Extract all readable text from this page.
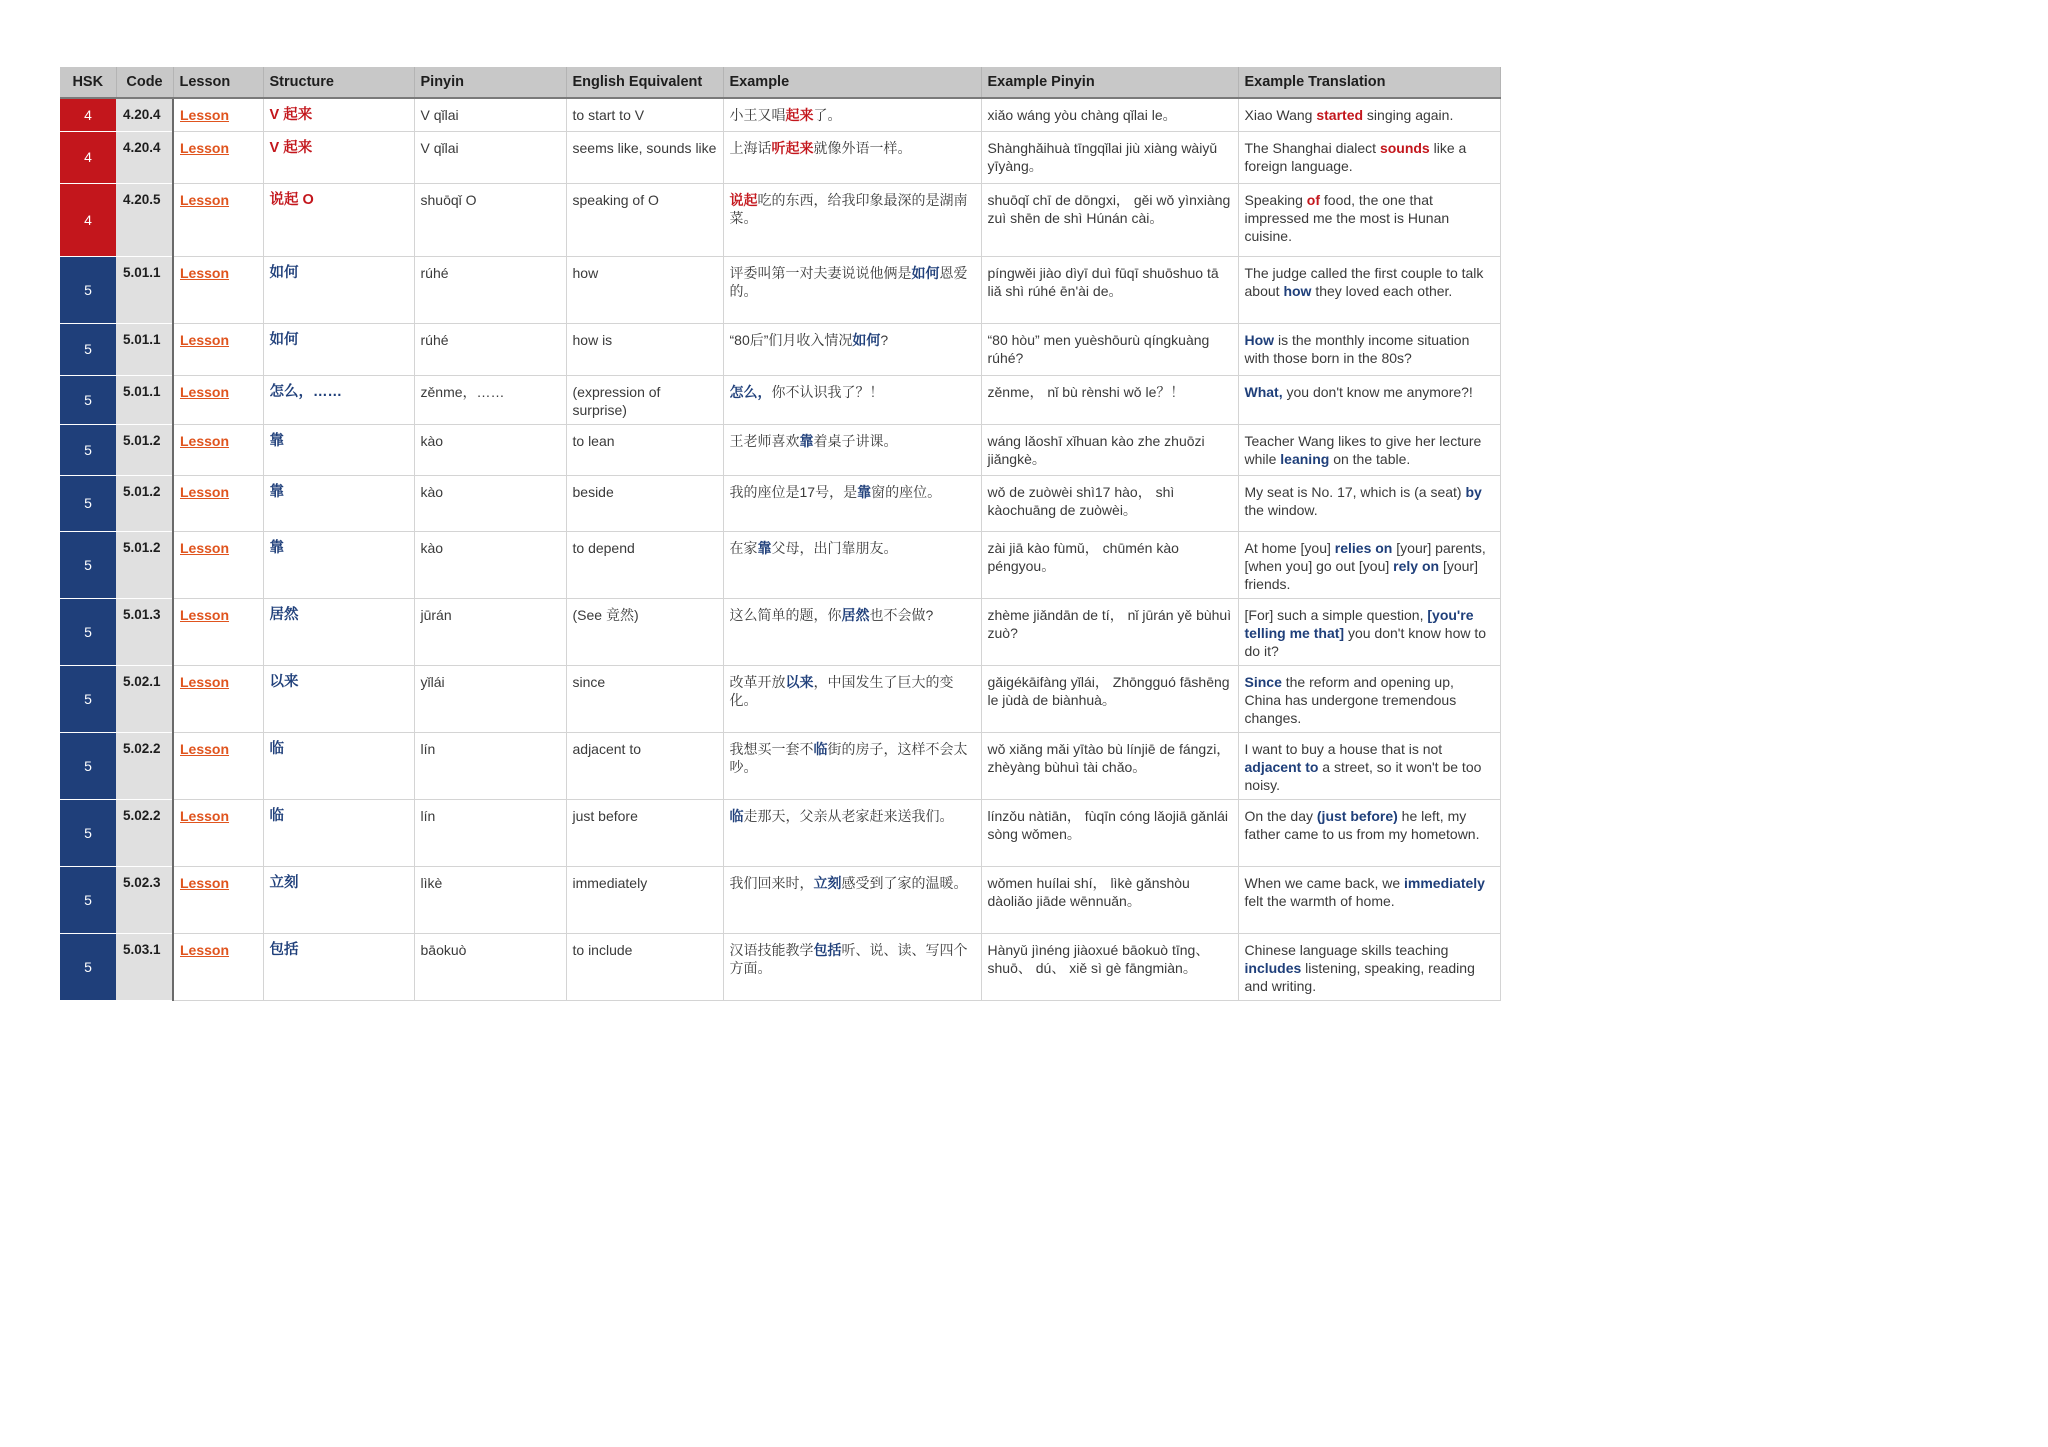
HSK	Code	Lesson	Structure	Pinyin	English Equivalent	Example	Example Pinyin	Example Translation
4	4.20.4	Lesson	V 起来	V qǐlai	to start to V	小王又唱起来了。	xiǎo wáng yòu chàng qǐlai le。	Xiao Wang started singing again.
4	4.20.4	Lesson	V 起来	V qǐlai	seems like, sounds like	上海话听起来就像外语一样。	Shànghǎihuà tīngqǐlai jiù xiàng wàiyǔ yīyàng。	The Shanghai dialect sounds like a foreign language.
4	4.20.5	Lesson	说起 O	shuōqǐ O	speaking of O	说起吃的东西，给我印象最深的是湖南菜。	shuōqǐ chī de dōngxi， gěi wǒ yìnxiàng zuì shēn de shì Húnán cài。	Speaking of food, the one that impressed me the most is Hunan cuisine.
5	5.01.1	Lesson	如何	rúhé	how	评委叫第一对夫妻说说他俩是如何恩爱的。	píngwěi jiào dìyī duì fūqī shuōshuo tā liǎ shì rúhé ēn'ài de。	The judge called the first couple to talk about how they loved each other.
5	5.01.1	Lesson	如何	rúhé	how is	“80后”们月收入情况如何?	“80 hòu” men yuèshōurù qíngkuàng rúhé?	How is the monthly income situation with those born in the 80s?
5	5.01.1	Lesson	怎么，……	zěnme，……	(expression of surprise)	怎么，你不认识我了？！	zěnme， nǐ bù rènshi wǒ le？！	What, you don't know me anymore?!
5	5.01.2	Lesson	靠	kào	to lean	王老师喜欢靠着桌子讲课。	wáng lǎoshī xǐhuan kào zhe zhuōzi jiǎngkè。	Teacher Wang likes to give her lecture while leaning on the table.
5	5.01.2	Lesson	靠	kào	beside	我的座位是17号，是靠窗的座位。	wǒ de zuòwèi shì17 hào， shì kàochuāng de zuòwèi。	My seat is No. 17, which is (a seat) by the window.
5	5.01.2	Lesson	靠	kào	to depend	在家靠父母，出门靠朋友。	zài jiā kào fùmǔ， chūmén kào péngyou。	At home [you] relies on [your] parents, [when you] go out [you] rely on [your] friends.
5	5.01.3	Lesson	居然	jūrán	(See 竟然)	这么简单的题，你居然也不会做?	zhème jiǎndān de tí， nǐ jūrán yě bùhuì zuò?	[For] such a simple question, [you're telling me that] you don't know how to do it?
5	5.02.1	Lesson	以来	yǐlái	since	改革开放以来，中国发生了巨大的变化。	gǎigékāifàng yǐlái， Zhōngguó fāshēng le jùdà de biànhuà。	Since the reform and opening up, China has undergone tremendous changes.
5	5.02.2	Lesson	临	lín	adjacent to	我想买一套不临街的房子，这样不会太吵。	wǒ xiǎng mǎi yītào bù línjiē de fángzi， zhèyàng bùhuì tài chǎo。	I want to buy a house that is not adjacent to a street, so it won't be too noisy.
5	5.02.2	Lesson	临	lín	just before	临走那天，父亲从老家赶来送我们。	línzǒu nàtiān， fùqīn cóng lǎojiā gǎnlái sòng wǒmen。	On the day (just before) he left, my father came to us from my hometown.
5	5.02.3	Lesson	立刻	lìkè	immediately	我们回来时，立刻感受到了家的温暖。	wǒmen huílai shí， lìkè gǎnshòu dàoliǎo jiāde wēnnuǎn。	When we came back, we immediately felt the warmth of home.
5	5.03.1	Lesson	包括	bāokuò	to include	汉语技能教学包括听、说、读、写四个方面。	Hànyǔ jìnéng jiàoxué bāokuò tīng、shuō、 dú、 xiě sì gè fāngmiàn。	Chinese language skills teaching includes listening, speaking, reading and writing.
